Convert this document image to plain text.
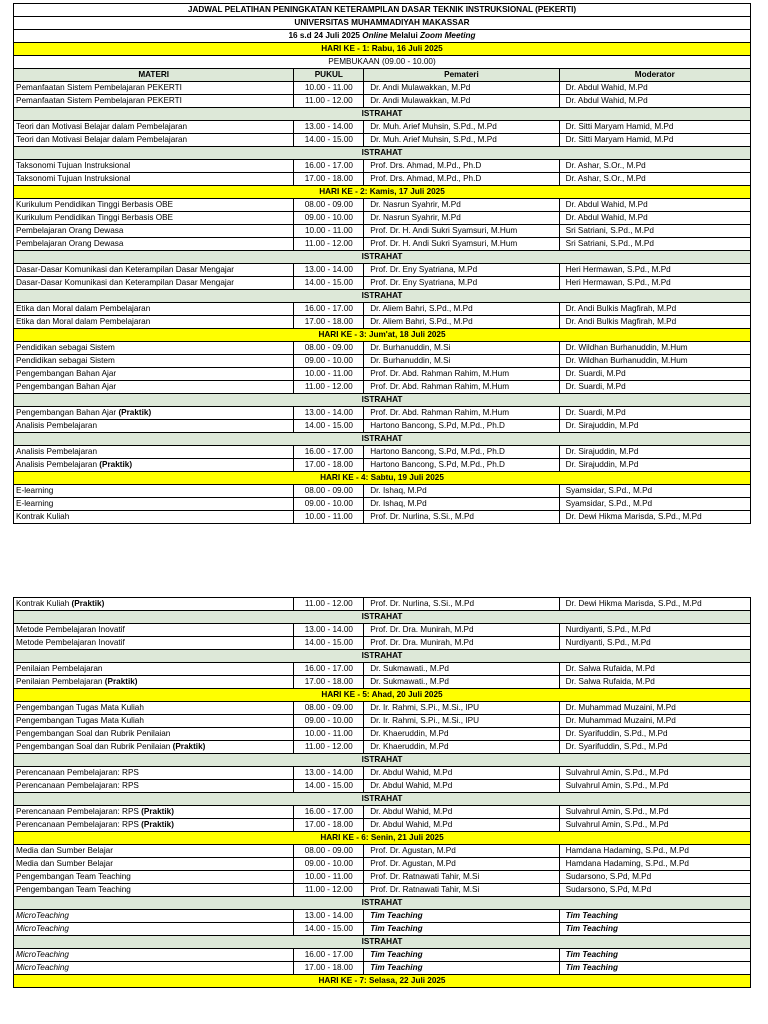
JADWAL PELATIHAN PENINGKATAN KETERAMPILAN DASAR TEKNIK INSTRUKSIONAL (PEKERTI)			
UNIVERSITAS MUHAMMADIYAH MAKASSAR			
16 s.d 24 Juli 2025 Online Melalui Zoom Meeting			
HARI KE - 1: Rabu, 16 Juli 2025			
PEMBUKAAN (09.00 - 10.00)			
MATERI	PUKUL	Pemateri	Moderator
Pemanfaatan Sistem Pembelajaran PEKERTI	10.00 - 11.00	Dr. Andi Mulawakkan, M.Pd	Dr. Abdul Wahid, M.Pd
Pemanfaatan Sistem Pembelajaran PEKERTI	11.00 - 12.00	Dr. Andi Mulawakkan, M.Pd	Dr. Abdul Wahid, M.Pd
ISTRAHAT			
Teori dan Motivasi Belajar dalam Pembelajaran	13.00 - 14.00	Dr. Muh. Arief Muhsin, S.Pd., M.Pd	Dr. Sitti Maryam Hamid, M.Pd
Teori dan Motivasi Belajar dalam Pembelajaran	14.00 - 15.00	Dr. Muh. Arief Muhsin, S.Pd., M.Pd	Dr. Sitti Maryam Hamid, M.Pd
ISTRAHAT			
Taksonomi Tujuan Instruksional	16.00 - 17.00	Prof. Drs. Ahmad, M.Pd., Ph.D	Dr. Ashar, S.Or., M.Pd
Taksonomi Tujuan Instruksional	17.00 - 18.00	Prof. Drs. Ahmad, M.Pd., Ph.D	Dr. Ashar, S.Or., M.Pd
HARI KE - 2: Kamis, 17 Juli 2025			
Kurikulum Pendidikan Tinggi Berbasis OBE	08.00 - 09.00	Dr. Nasrun Syahrir, M.Pd	Dr. Abdul Wahid, M.Pd
Kurikulum Pendidikan Tinggi Berbasis OBE	09.00 - 10.00	Dr. Nasrun Syahrir, M.Pd	Dr. Abdul Wahid, M.Pd
Pembelajaran Orang Dewasa	10.00 - 11.00	Prof. Dr. H. Andi Sukri Syamsuri, M.Hum	Sri Satriani, S.Pd., M.Pd
Pembelajaran Orang Dewasa	11.00 - 12.00	Prof. Dr. H. Andi Sukri Syamsuri, M.Hum	Sri Satriani, S.Pd., M.Pd
ISTRAHAT			
Dasar-Dasar Komunikasi dan Keterampilan Dasar Mengajar	13.00 - 14.00	Prof. Dr. Eny Syatriana, M.Pd	Heri Hermawan, S.Pd., M.Pd
Dasar-Dasar Komunikasi dan Keterampilan Dasar Mengajar	14.00 - 15.00	Prof. Dr. Eny Syatriana, M.Pd	Heri Hermawan, S.Pd., M.Pd
ISTRAHAT			
Etika dan Moral dalam Pembelajaran	16.00 - 17.00	Dr. Aliem Bahri, S.Pd., M.Pd	Dr. Andi Bulkis Magfirah, M.Pd
Etika dan Moral dalam Pembelajaran	17.00 - 18.00	Dr. Aliem Bahri, S.Pd., M.Pd	Dr. Andi Bulkis Magfirah, M.Pd
HARI KE - 3: Jum'at, 18 Juli 2025			
Pendidikan sebagai Sistem	08.00 - 09.00	Dr. Burhanuddin, M.Si	Dr. Wildhan Burhanuddin, M.Hum
Pendidikan sebagai Sistem	09.00 - 10.00	Dr. Burhanuddin, M.Si	Dr. Wildhan Burhanuddin, M.Hum
Pengembangan Bahan Ajar	10.00 - 11.00	Prof. Dr. Abd. Rahman Rahim, M.Hum	Dr. Suardi, M.Pd
Pengembangan Bahan Ajar	11.00 - 12.00	Prof. Dr. Abd. Rahman Rahim, M.Hum	Dr. Suardi, M.Pd
ISTRAHAT			
Pengembangan Bahan Ajar (Praktik)	13.00 - 14.00	Prof. Dr. Abd. Rahman Rahim, M.Hum	Dr. Suardi, M.Pd
Analisis Pembelajaran	14.00 - 15.00	Hartono Bancong, S.Pd, M.Pd., Ph.D	Dr. Sirajuddin, M.Pd
ISTRAHAT			
Analisis Pembelajaran	16.00 - 17.00	Hartono Bancong, S.Pd, M.Pd., Ph.D	Dr. Sirajuddin, M.Pd
Analisis Pembelajaran (Praktik)	17.00 - 18.00	Hartono Bancong, S.Pd, M.Pd., Ph.D	Dr. Sirajuddin, M.Pd
HARI KE - 4: Sabtu, 19 Juli 2025			
E-learning	08.00 - 09.00	Dr. Ishaq, M.Pd	Syamsidar, S.Pd., M.Pd
E-learning	09.00 - 10.00	Dr. Ishaq, M.Pd	Syamsidar, S.Pd., M.Pd
Kontrak Kuliah	10.00 - 11.00	Prof. Dr. Nurlina, S.Si., M.Pd	Dr. Dewi Hikma Marisda, S.Pd., M.Pd
Kontrak Kuliah (Praktik)	11.00 - 12.00	Prof. Dr. Nurlina, S.Si., M.Pd	Dr. Dewi Hikma Marisda, S.Pd., M.Pd
ISTRAHAT			
Metode Pembelajaran Inovatif	13.00 - 14.00	Prof. Dr. Dra. Munirah, M.Pd	Nurdiyanti, S.Pd., M.Pd
Metode Pembelajaran Inovatif	14.00 - 15.00	Prof. Dr. Dra. Munirah, M.Pd	Nurdiyanti, S.Pd., M.Pd
ISTRAHAT			
Penilaian Pembelajaran	16.00 - 17.00	Dr. Sukmawati., M.Pd	Dr. Salwa Rufaida, M.Pd
Penilaian Pembelajaran (Praktik)	17.00 - 18.00	Dr. Sukmawati., M.Pd	Dr. Salwa Rufaida, M.Pd
HARI KE - 5: Ahad, 20 Juli 2025			
Pengembangan Tugas Mata Kuliah	08.00 - 09.00	Dr. Ir. Rahmi, S.Pi., M.Si., IPU	Dr. Muhammad Muzaini, M.Pd
Pengembangan Tugas Mata Kuliah	09.00 - 10.00	Dr. Ir. Rahmi, S.Pi., M.Si., IPU	Dr. Muhammad Muzaini, M.Pd
Pengembangan Soal dan Rubrik Penilaian	10.00 - 11.00	Dr. Khaeruddin, M.Pd	Dr. Syarifuddin, S.Pd., M.Pd
Pengembangan Soal dan Rubrik Penilaian (Praktik)	11.00 - 12.00	Dr. Khaeruddin, M.Pd	Dr. Syarifuddin, S.Pd., M.Pd
ISTRAHAT			
Perencanaan Pembelajaran: RPS	13.00 - 14.00	Dr. Abdul Wahid, M.Pd	Sulvahrul Amin, S.Pd., M.Pd
Perencanaan Pembelajaran: RPS	14.00 - 15.00	Dr. Abdul Wahid, M.Pd	Sulvahrul Amin, S.Pd., M.Pd
ISTRAHAT			
Perencanaan Pembelajaran: RPS (Praktik)	16.00 - 17.00	Dr. Abdul Wahid, M.Pd	Sulvahrul Amin, S.Pd., M.Pd
Perencanaan Pembelajaran: RPS (Praktik)	17.00 - 18.00	Dr. Abdul Wahid, M.Pd	Sulvahrul Amin, S.Pd., M.Pd
HARI KE - 6: Senin, 21 Juli 2025			
Media dan Sumber Belajar	08.00 - 09.00	Prof. Dr. Agustan, M.Pd	Hamdana Hadaming, S.Pd., M.Pd
Media dan Sumber Belajar	09.00 - 10.00	Prof. Dr. Agustan, M.Pd	Hamdana Hadaming, S.Pd., M.Pd
Pengembangan Team Teaching	10.00 - 11.00	Prof. Dr. Ratnawati Tahir, M.Si	Sudarsono, S.Pd, M.Pd
Pengembangan Team Teaching	11.00 - 12.00	Prof. Dr. Ratnawati Tahir, M.Si	Sudarsono, S.Pd, M.Pd
ISTRAHAT			
MicroTeaching	13.00 - 14.00	Tim Teaching	Tim Teaching
MicroTeaching	14.00 - 15.00	Tim Teaching	Tim Teaching
ISTRAHAT			
MicroTeaching	16.00 - 17.00	Tim Teaching	Tim Teaching
MicroTeaching	17.00 - 18.00	Tim Teaching	Tim Teaching
HARI KE - 7: Selasa, 22 Juli 2025			
